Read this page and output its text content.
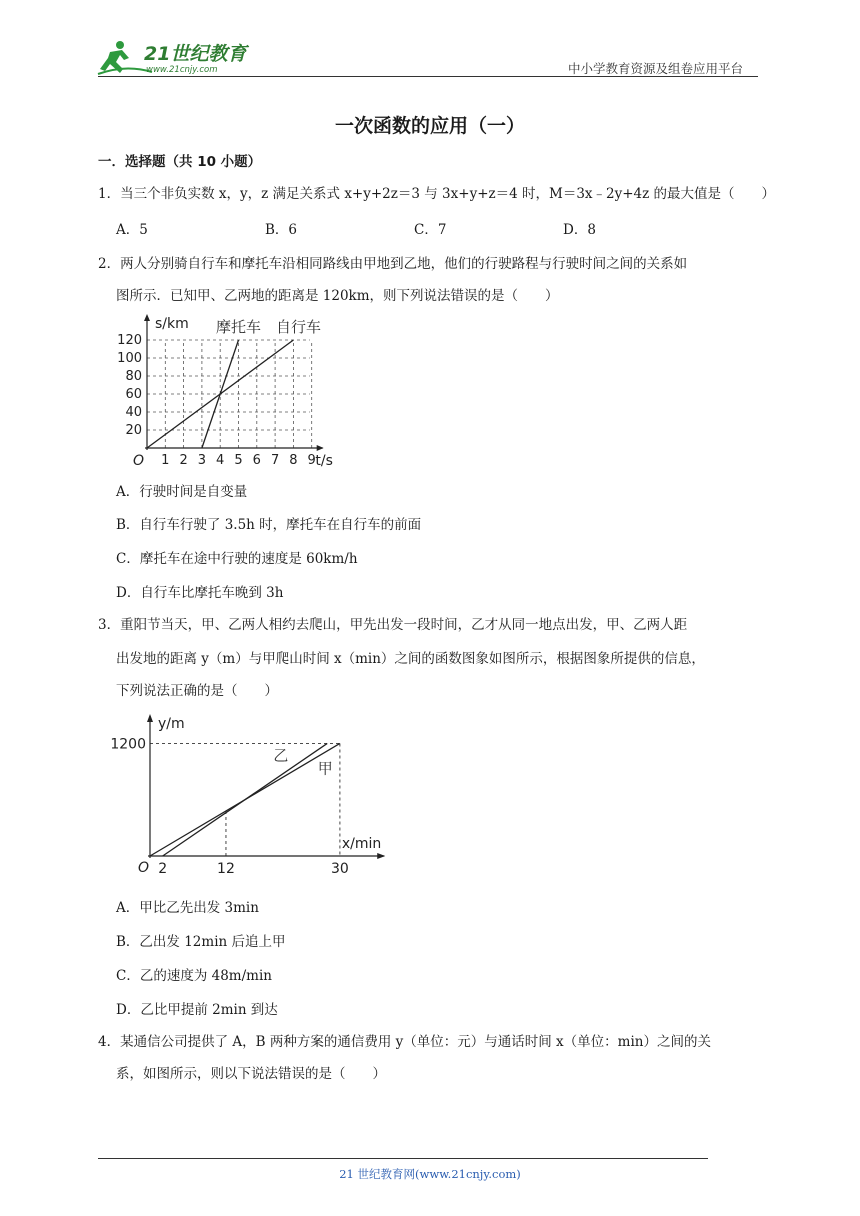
21世纪教育
www.21cnjy.com	中小学教育资源及组卷应用平台
一次函数的应用（一）
一．选择题（共 10 小题）
1．当三个非负实数 x，y，z 满足关系式 x+y+2z＝3 与 3x+y+z＝4 时，M＝3x﹣2y+4z 的最大值是（　　）
A．5	B．6	C．7	D．8
2．两人分别骑自行车和摩托车沿相同路线由甲地到乙地，他们的行驶路程与行驶时间之间的关系如
图所示．已知甲、乙两地的距离是 120km，则下列说法错误的是（　　）
20
40
60
80
100
120
1 2 3 4 5 6 7 8 9
O
s/km
t/s
摩托车 自行车
A．行驶时间是自变量
B．自行车行驶了 3.5h 时，摩托车在自行车的前面
C．摩托车在途中行驶的速度是 60km/h
D．自行车比摩托车晚到 3h
3．重阳节当天，甲、乙两人相约去爬山，甲先出发一段时间，乙才从同一地点出发，甲、乙两人距
出发地的距离 y（m）与甲爬山时间 x（min）之间的函数图象如图所示，根据图象所提供的信息，
下列说法正确的是（　　）
O
y/m
x/min
1200
2	12	30
乙
甲
A．甲比乙先出发 3min
B．乙出发 12min 后追上甲
C．乙的速度为 48m/min
D．乙比甲提前 2min 到达
4．某通信公司提供了 A，B 两种方案的通信费用 y（单位：元）与通话时间 x（单位：min）之间的关
系，如图所示，则以下说法错误的是（　　）
21 世纪教育网(www.21cnjy.com)
